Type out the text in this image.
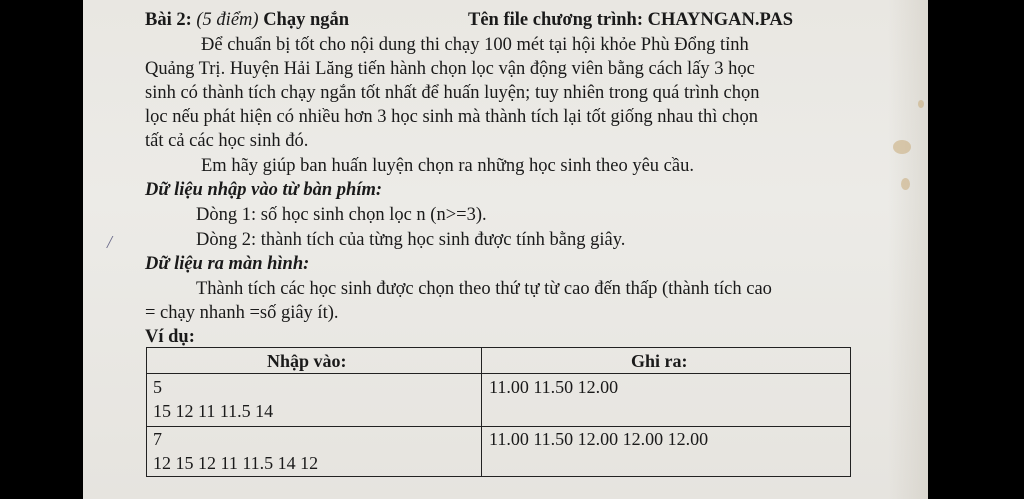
Bài 2: (5 điểm) Chạy ngắn	Tên file chương trình: CHAYNGAN.PAS
Để chuẩn bị tốt cho nội dung thi chạy 100 mét tại hội khỏe Phù Đổng tỉnh
Quảng Trị. Huyện Hải Lăng tiến hành chọn lọc vận động viên bằng cách lấy 3 học
sinh có thành tích chạy ngắn tốt nhất để huấn luyện; tuy nhiên trong quá trình chọn
lọc nếu phát hiện có nhiều hơn 3 học sinh mà thành tích lại tốt giống nhau thì chọn
tất cả các học sinh đó.
Em hãy giúp ban huấn luyện chọn ra những học sinh theo yêu cầu.
Dữ liệu nhập vào từ bàn phím:
Dòng 1: số học sinh chọn lọc n (n>=3).
Dòng 2: thành tích của từng học sinh được tính bằng giây.
Dữ liệu ra màn hình:
Thành tích các học sinh được chọn theo thứ tự từ cao đến thấp (thành tích cao
= chạy nhanh =số giây ít).
Ví dụ:
/
Nhập vào:	Ghi ra:
5
15 12 11 11.5 14
11.00 11.50 12.00
7
12 15 12 11 11.5 14 12
11.00 11.50 12.00 12.00 12.00
